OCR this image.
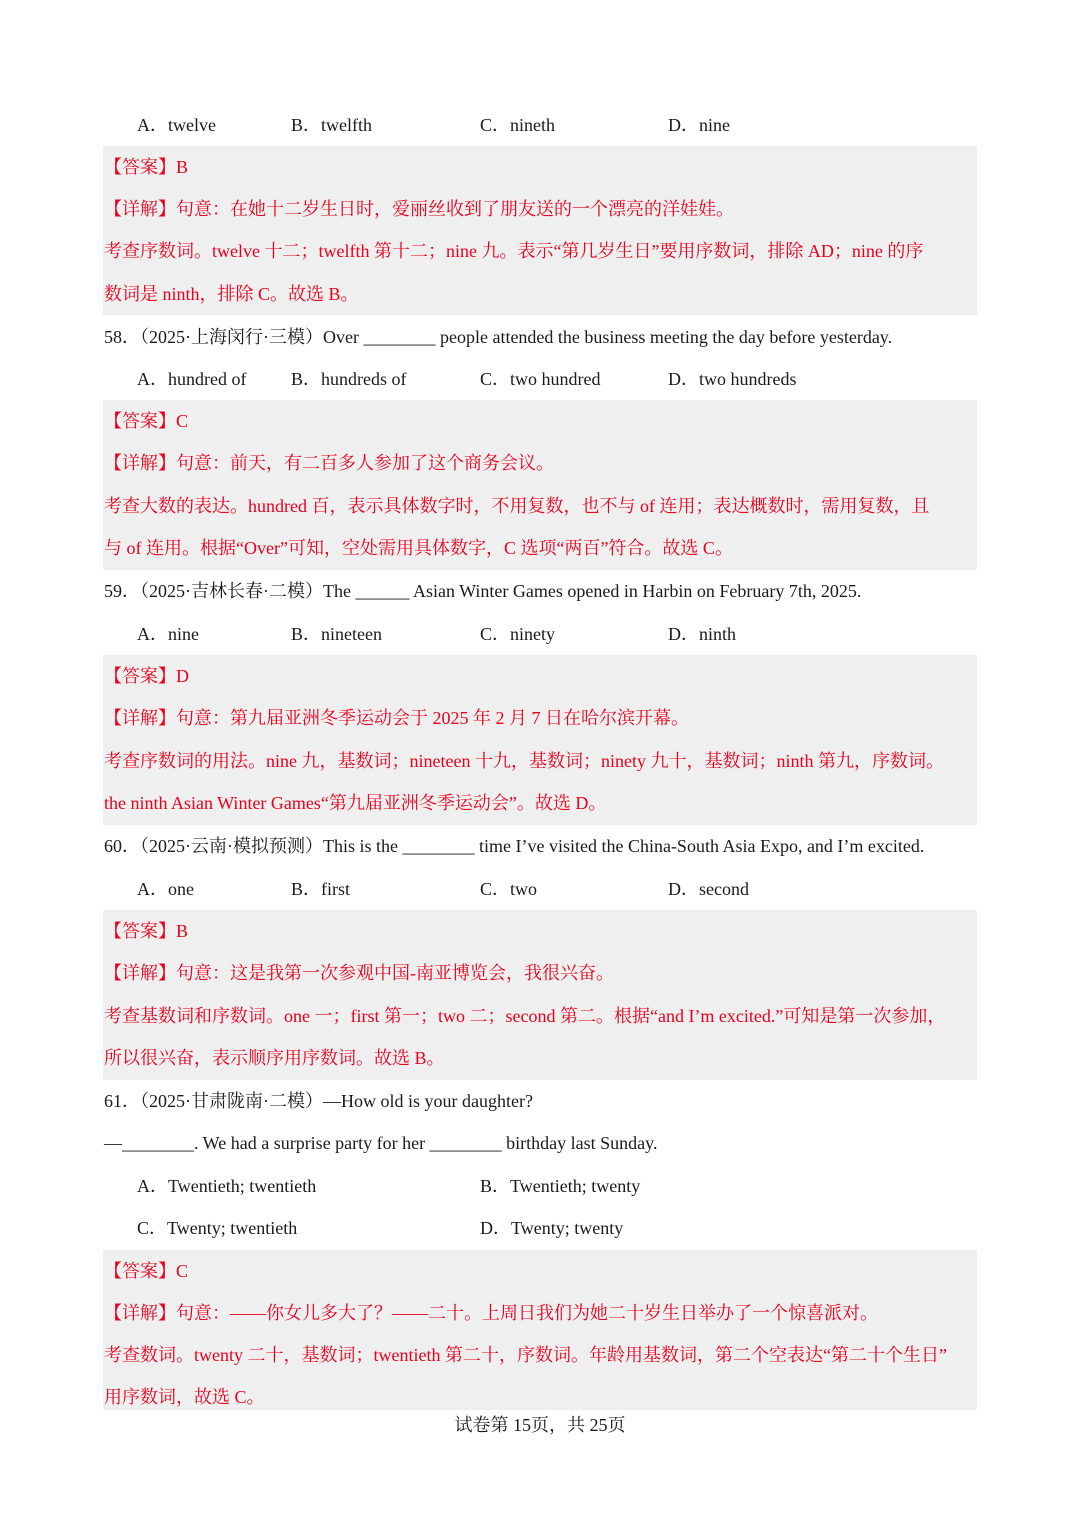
A．twelve	B．twelfth	C．nineth	D．nine
【答案】B
【详解】句意：在她十二岁生日时，爱丽丝收到了朋友送的一个漂亮的洋娃娃。
考查序数词。twelve 十二；twelfth 第十二；nine 九。表示“第几岁生日”要用序数词，排除 AD；nine 的序
数词是 ninth，排除 C。故选 B。
58．（2025·上海闵行·三模）Over ________ people attended the business meeting the day before yesterday.
A．hundred of B．hundreds of	C．two hundred	D．two hundreds
【答案】C
【详解】句意：前天，有二百多人参加了这个商务会议。
考查大数的表达。hundred 百，表示具体数字时，不用复数，也不与 of 连用；表达概数时，需用复数，且
与 of 连用。根据“Over”可知，空处需用具体数字，C 选项“两百”符合。故选 C。
59．（2025·吉林长春·二模）The ______ Asian Winter Games opened in Harbin on February 7th, 2025.
A．nine	B．nineteen	C．ninety	D．ninth
【答案】D
【详解】句意：第九届亚洲冬季运动会于 2025 年 2 月 7 日在哈尔滨开幕。
考查序数词的用法。nine 九，基数词；nineteen 十九，基数词；ninety 九十，基数词；ninth 第九，序数词。
the ninth Asian Winter Games“第九届亚洲冬季运动会”。故选 D。
60．（2025·云南·模拟预测）This is the ________ time I’ve visited the China-South Asia Expo, and I’m excited.
A．one	B．first	C．two	D．second
【答案】B
【详解】句意：这是我第一次参观中国-南亚博览会，我很兴奋。
考查基数词和序数词。one 一；first 第一；two 二；second 第二。根据“and I’m excited.”可知是第一次参加，
所以很兴奋，表示顺序用序数词。故选 B。
61．（2025·甘肃陇南·二模）—How old is your daughter?
—________. We had a surprise party for her ________ birthday last Sunday.
A．Twentieth; twentieth	B．Twentieth; twenty
C．Twenty; twentieth	D．Twenty; twenty
【答案】C
【详解】句意：——你女儿多大了？——二十。上周日我们为她二十岁生日举办了一个惊喜派对。
考查数词。twenty 二十，基数词；twentieth 第二十，序数词。年龄用基数词，第二个空表达“第二十个生日”
用序数词，故选 C。
试卷第 15页，共 25页
